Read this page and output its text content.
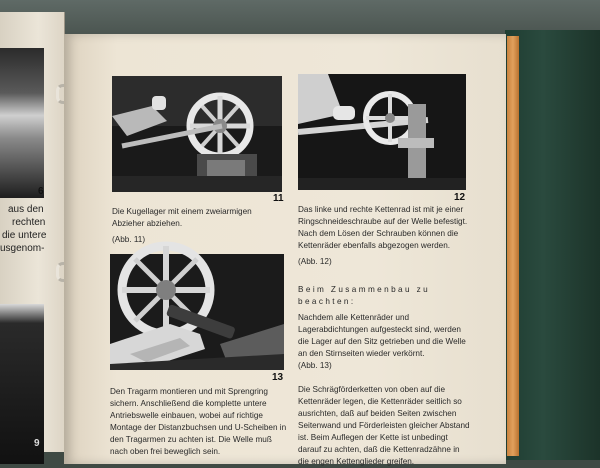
6
aus den
rechten
die untere
usgenom-
9
11

Die Kugellager mit einem zweiarmigen Abzieher abziehen.

(Abb. 11)

12

Das linke und rechte Kettenrad ist mit je einer Ringschneideschraube auf der Welle befestigt. Nach dem Lösen der Schrauben können die Kettenräder ebenfalls abgezogen werden.

(Abb. 12)

13

Den Tragarm montieren und mit Sprengring sichern. Anschließend die komplette untere Antriebswelle einbauen, wobei auf richtige Montage der Distanzbuchsen und U-Scheiben in den Tragarmen zu achten ist. Die Welle muß nach oben frei beweglich sein.

Beim Zusammenbau zu beachten:

Nachdem alle Kettenräder und Lagerabdichtungen aufgesteckt sind, werden die Lager auf den Sitz getrieben und die Welle an den Stirnseiten wieder verkörnt.

(Abb. 13)

Die Schrägförderketten von oben auf die Kettenräder legen, die Kettenräder seitlich so ausrichten, daß auf beiden Seiten zwischen Seitenwand und Förderleisten gleicher Abstand ist. Beim Auflegen der Kette ist unbedingt darauf zu achten, daß die Kettenradzähne in die engen Kettenglieder greifen.
